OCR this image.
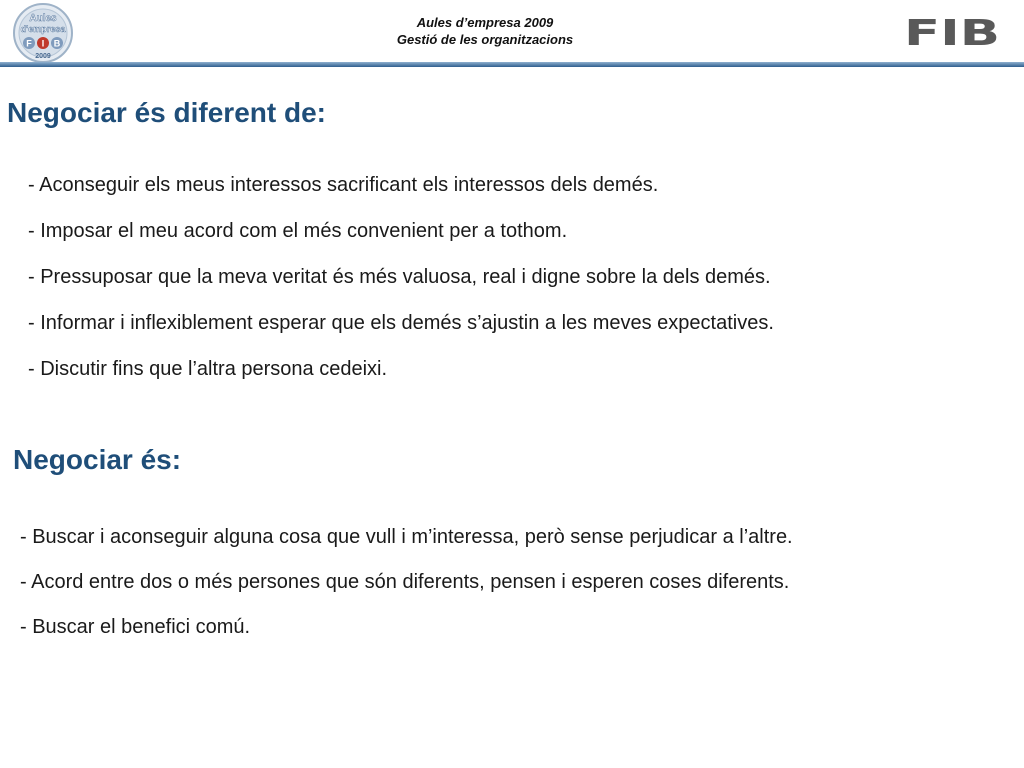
Aules
d'empresa
F I B
2009
Aules d’empresa 2009
Gestió de les organitzacions	FIB
Negociar és diferent de:
- Aconseguir els meus interessos sacrificant els interessos dels demés.
- Imposar el meu acord com el més convenient per a tothom.
- Pressuposar que la meva veritat és més valuosa, real i digne sobre la dels demés.
- Informar i inflexiblement esperar que els demés s’ajustin a les meves expectatives.
- Discutir fins que l’altra persona cedeixi.
Negociar és:
- Buscar i aconseguir alguna cosa que vull i m’interessa, però sense perjudicar a l’altre.
- Acord entre dos o més persones que són diferents, pensen i esperen coses diferents.
- Buscar el benefici comú.
